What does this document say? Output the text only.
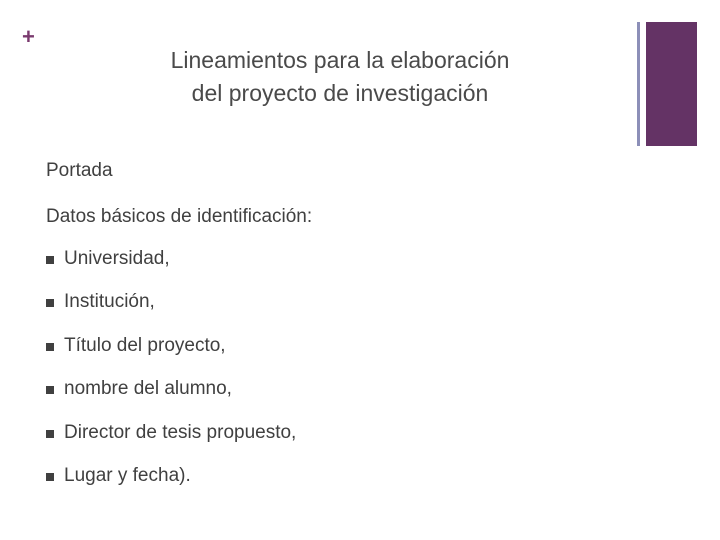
+
Lineamientos para la elaboración
del proyecto de investigación
Portada
Datos básicos de identificación:
Universidad,
Institución,
Título del proyecto,
nombre del alumno,
Director de tesis propuesto,
Lugar y fecha).
